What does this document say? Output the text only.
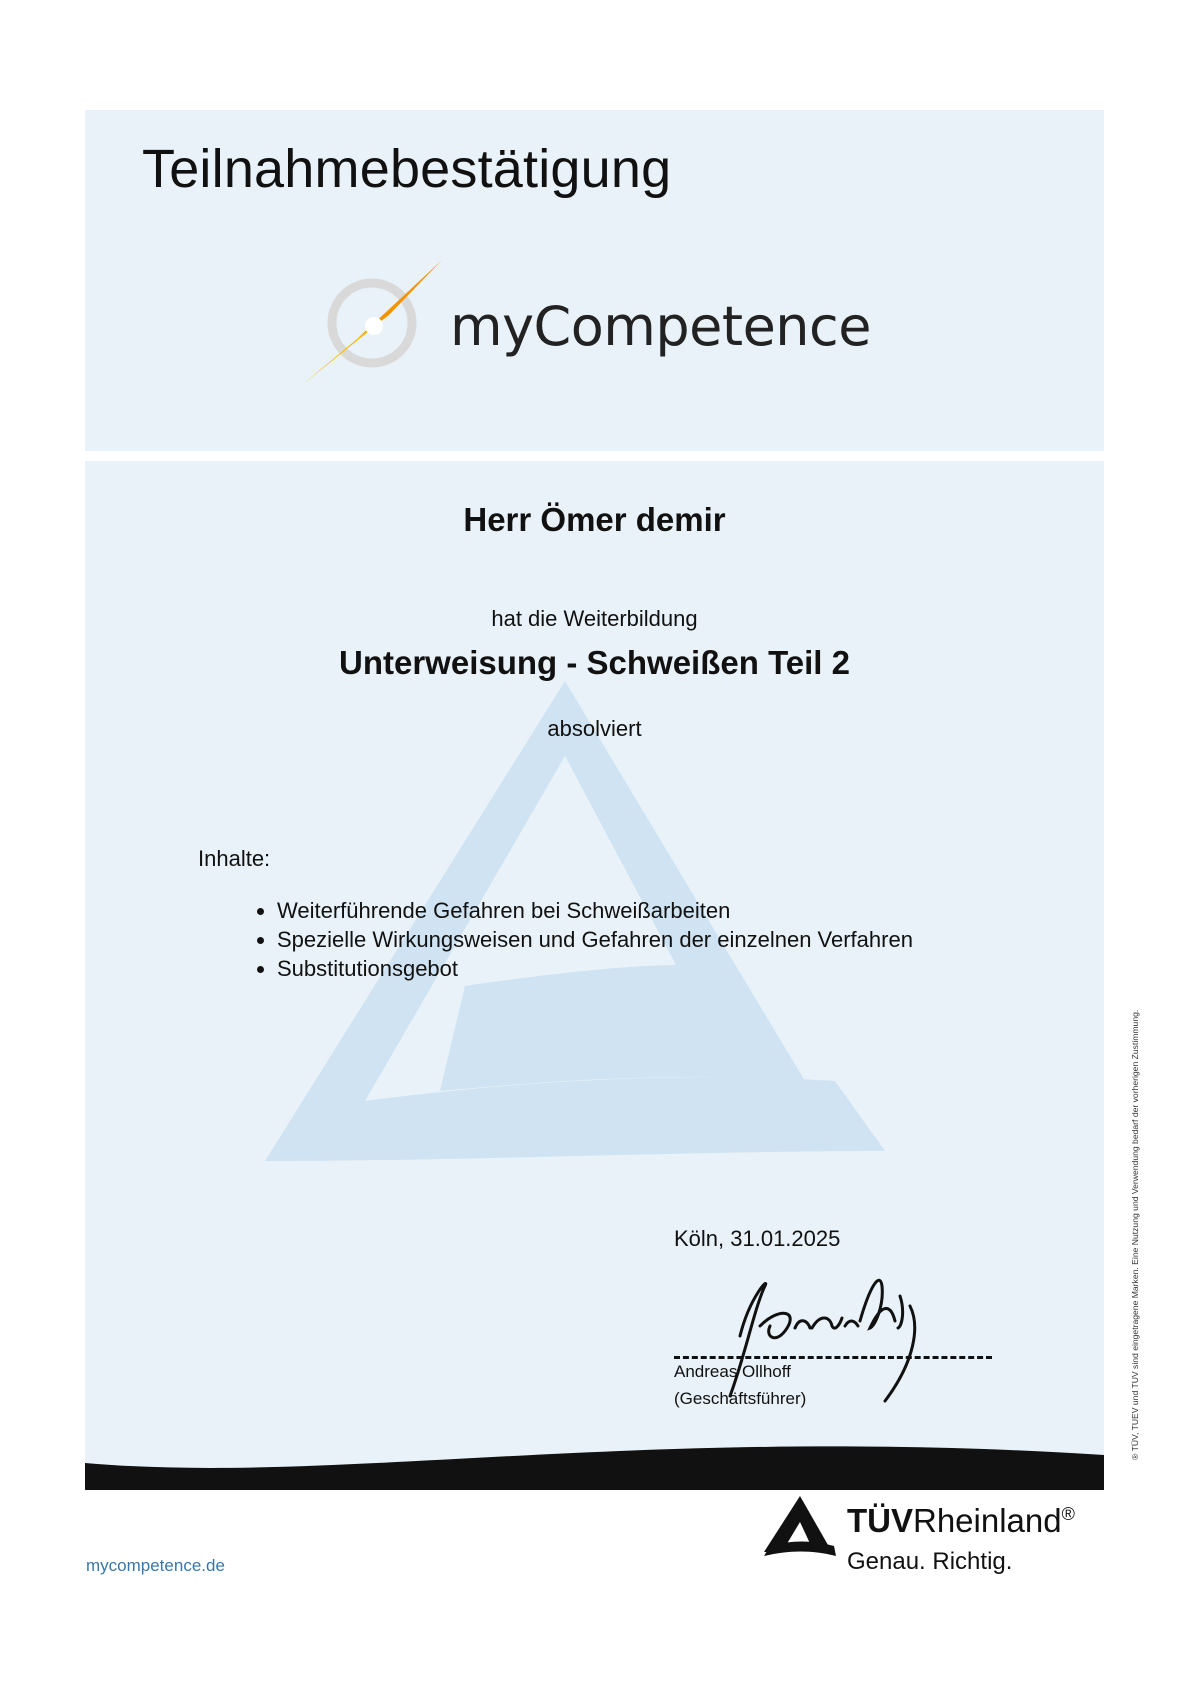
Teilnahmebestätigung
myCompetence
Herr Ömer demir
hat die Weiterbildung
Unterweisung - Schweißen Teil 2
absolviert
Inhalte:
• Weiterführende Gefahren bei Schweißarbeiten
• Spezielle Wirkungsweisen und Gefahren der einzelnen Verfahren
• Substitutionsgebot
Köln, 31.01.2025
Andreas Ollhoff
(Geschäftsführer)
mycompetence.de
TÜVRheinland®
Genau. Richtig.
® TÜV, TUEV und TUV sind eingetragene Marken. Eine Nutzung und Verwendung bedarf der vorherigen Zustimmung.
